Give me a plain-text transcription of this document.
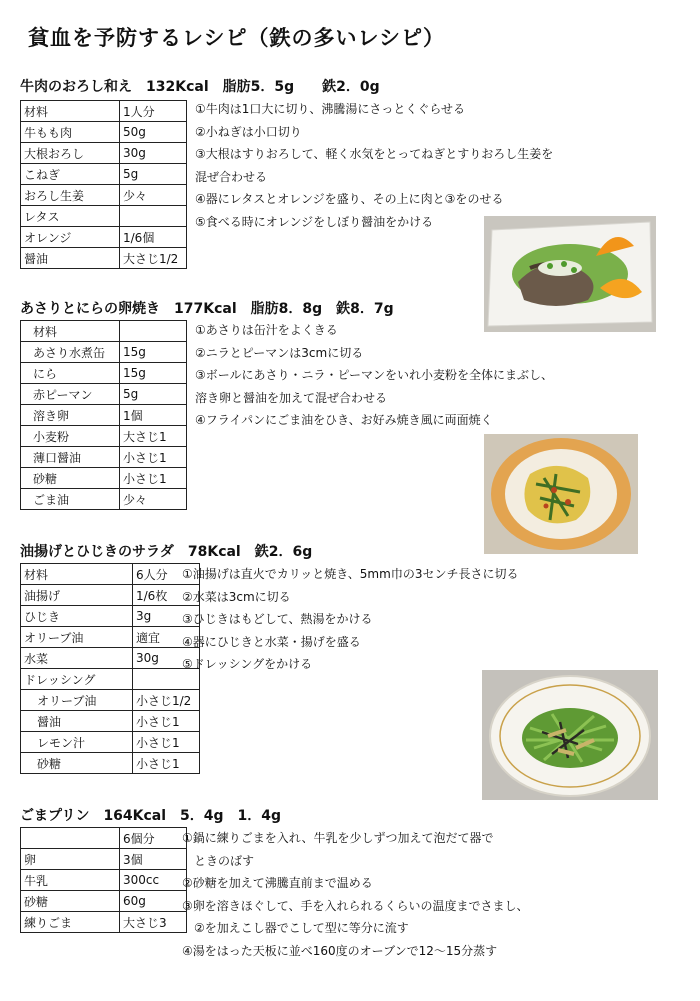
貧血を予防するレシピ（鉄の多いレシピ）
牛肉のおろし和え　132Kcal　脂肪5．5g　　鉄2．0g
材料	1人分
牛もも肉	50g
大根おろし	30g
こねぎ	5g
おろし生姜	少々
レタス	
オレンジ	1/6個
醤油	大さじ1/2
①牛肉は1口大に切り、沸騰湯にさっとくぐらせる
②小ねぎは小口切り
③大根はすりおろして、軽く水気をとってねぎとすりおろし生姜を
混ぜ合わせる
④器にレタスとオレンジを盛り、その上に肉と③をのせる
⑤食べる時にオレンジをしぼり醤油をかける
あさりとにらの卵焼き　177Kcal　脂肪8．8g　鉄8．7g
材料	
あさり水煮缶	15g
にら	15g
赤ピーマン	5g
溶き卵	1個
小麦粉	大さじ1
薄口醤油	小さじ1
砂糖	小さじ1
ごま油	少々
①あさりは缶汁をよくきる
②ニラとピーマンは3cmに切る
③ボールにあさり・ニラ・ピーマンをいれ小麦粉を全体にまぶし、
溶き卵と醤油を加えて混ぜ合わせる
④フライパンにごま油をひき、お好み焼き風に両面焼く
油揚げとひじきのサラダ　78Kcal　鉄2．6g
材料	6人分
油揚げ	1/6枚
ひじき	3g
オリーブ油	適宜
水菜	30g
ドレッシング	
オリーブ油	小さじ1/2
醤油	小さじ1
レモン汁	小さじ1
砂糖	小さじ1
①油揚げは直火でカリッと焼き、5mm巾の3センチ長さに切る
②水菜は3cmに切る
③ひじきはもどして、熱湯をかける
④器にひじきと水菜・揚げを盛る
⑤ドレッシングをかける
ごまプリン　164Kcal　5．4g　1．4g
	6個分
卵	3個
牛乳	300cc
砂糖	60g
練りごま	大さじ3
①鍋に練りごまを入れ、牛乳を少しずつ加えて泡だて器で
ときのばす
②砂糖を加えて沸騰直前まで温める
③卵を溶きほぐして、手を入れられるくらいの温度までさまし、
②を加えこし器でこして型に等分に流す
④湯をはった天板に並べ160度のオーブンで12～15分蒸す
